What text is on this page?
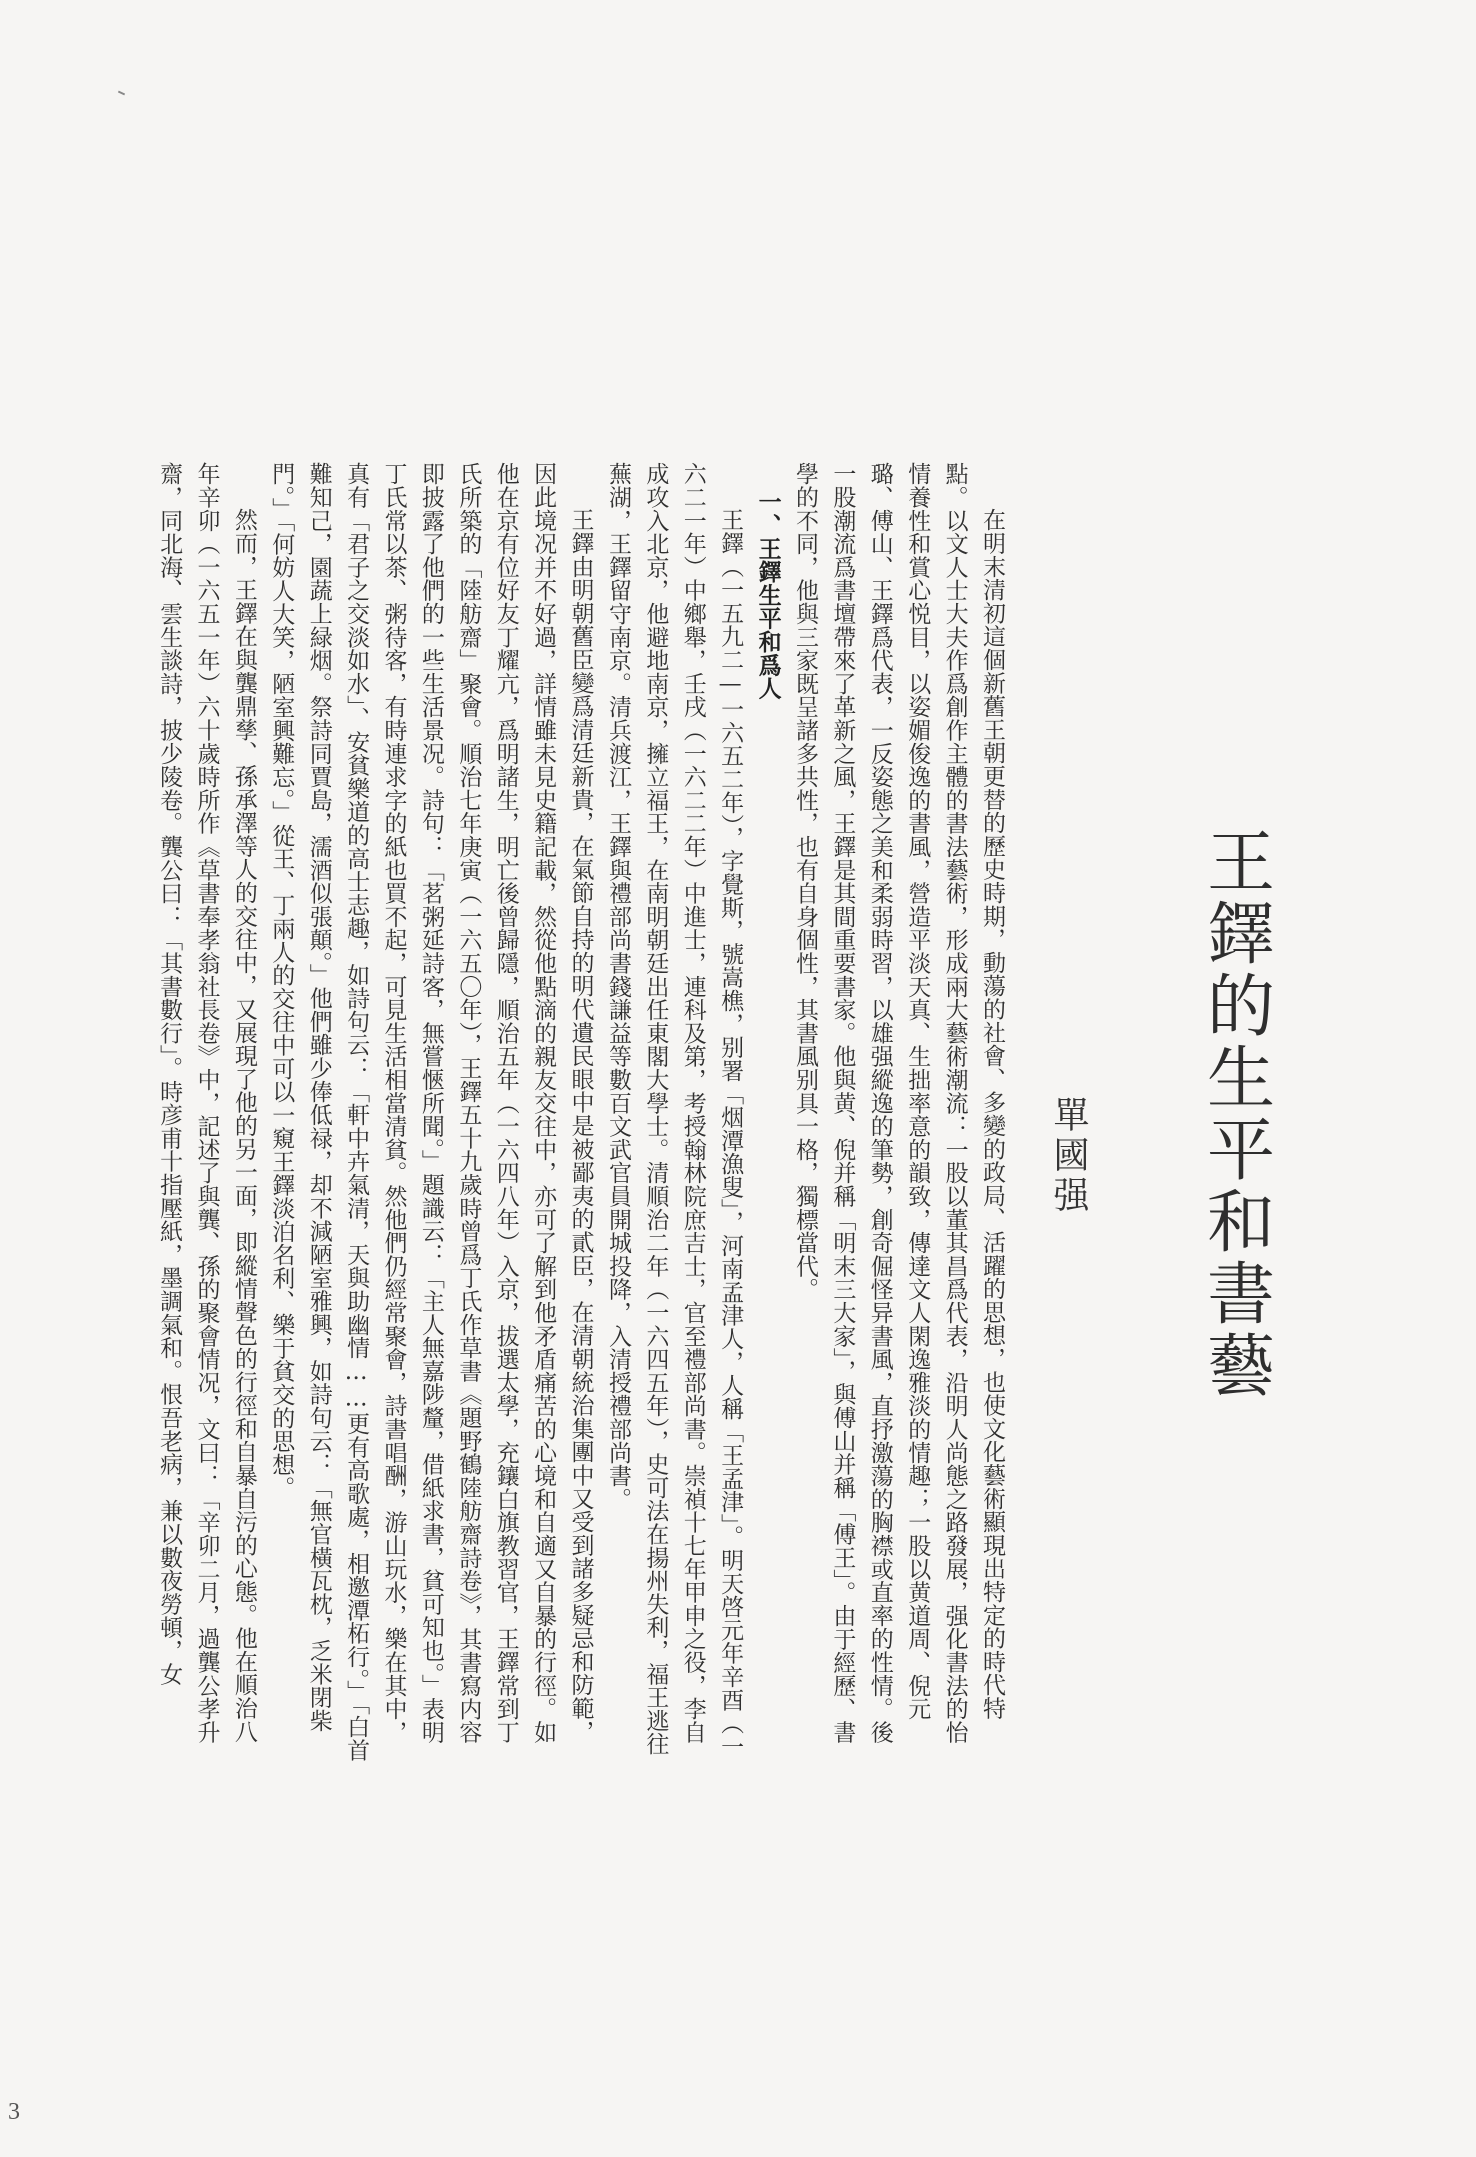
王鐸的生平和書藝
單國强

在明末清初這個新舊王朝更替的歷史時期，動蕩的社會、多變的政局、活躍的思想，也使文化藝術顯現出特定的時代特點。以文人士大夫作爲創作主體的書法藝術，形成兩大藝術潮流：一股以董其昌爲代表，沿明人尚態之路發展，强化書法的怡情養性和賞心悦目，以姿媚俊逸的書風，營造平淡天真、生拙率意的韻致，傳達文人閑逸雅淡的情趣；一股以黄道周、倪元璐、傅山、王鐸爲代表，一反姿態之美和柔弱時習，以雄强縱逸的筆勢，創奇倔怪异書風，直抒激蕩的胸襟或直率的性情。後一股潮流爲書壇帶來了革新之風，王鐸是其間重要書家。他與黄、倪并稱「明末三大家」，與傅山并稱「傅王」。由于經歷、書學的不同，他與三家既呈諸多共性，也有自身個性，其書風别具一格，獨標當代。

一、王鐸生平和爲人

王鐸（一五九二—一六五二年），字覺斯，號嵩樵，别署「烟潭漁叟」，河南孟津人，人稱「王孟津」。明天啓元年辛酉（一六二一年）中鄉舉，壬戌（一六二二年）中進士，連科及第，考授翰林院庶吉士，官至禮部尚書。崇禎十七年甲申之役，李自成攻入北京，他避地南京，擁立福王，在南明朝廷出任東閣大學士。清順治二年（一六四五年），史可法在揚州失利，福王逃往蕪湖，王鐸留守南京。清兵渡江，王鐸與禮部尚書錢謙益等數百文武官員開城投降，入清授禮部尚書。

王鐸由明朝舊臣變爲清廷新貴，在氣節自持的明代遺民眼中是被鄙夷的貳臣，在清朝統治集團中又受到諸多疑忌和防範，因此境况并不好過，詳情雖未見史籍記載，然從他點滴的親友交往中，亦可了解到他矛盾痛苦的心境和自適又自暴的行徑。如他在京有位好友丁耀亢，爲明諸生，明亡後曾歸隱，順治五年（一六四八年）入京，拔選太學，充鑲白旗教習官，王鐸常到丁氏所築的「陸舫齋」聚會。順治七年庚寅（一六五〇年），王鐸五十九歲時曾爲丁氏作草書《題野鶴陸舫齋詩卷》，其書寫内容即披露了他們的一些生活景况。詩句：「茗粥延詩客，無嘗愜所聞。」題識云：「主人無嘉陟釐，借紙求書，貧可知也。」表明丁氏常以茶、粥待客，有時連求字的紙也買不起，可見生活相當清貧。然他們仍經常聚會，詩書唱酬，游山玩水，樂在其中，真有「君子之交淡如水」、安貧樂道的高士志趣，如詩句云：「軒中卉氣清，天與助幽情……更有高歌處，相邀潭柘行。」「白首難知己，園蔬上緑烟。祭詩同賈島，濡酒似張顛。」他們雖少俸低禄，却不減陋室雅興，如詩句云：「無官橫瓦枕，乏米閉柴門。」「何妨人大笑，陋室興難忘。」從王、丁兩人的交往中可以一窺王鐸淡泊名利、樂于貧交的思想。

然而，王鐸在與龔鼎孳、孫承澤等人的交往中，又展現了他的另一面，即縱情聲色的行徑和自暴自污的心態。他在順治八年辛卯（一六五一年）六十歲時所作《草書奉孝翁社長卷》中，記述了與龔、孫的聚會情况，文曰：「辛卯二月，過龔公孝升齋，同北海、雲生談詩，披少陵卷。龔公曰：「其書數行」。時彦甫十指壓紙，墨調氣和。恨吾老病，兼以數夜勞頓，女

3
